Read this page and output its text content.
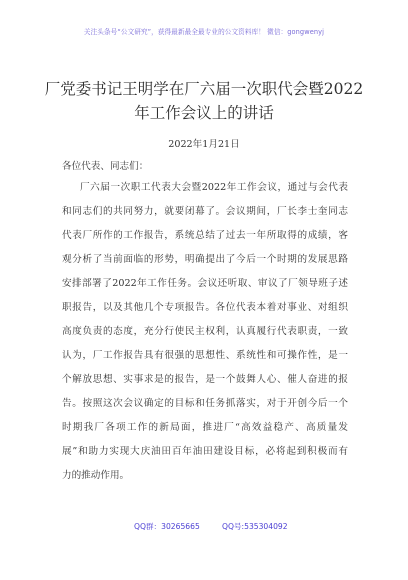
关注头条号“公文研究”，获得最新最全最专业的公文资料库！ 微信：gongwenyj
厂党委书记王明学在厂六届一次职代会暨2022
年工作会议上的讲话
2022年1月21日
各位代表、同志们：
厂六届一次职工代表大会暨2022年工作会议，通过与会代表
和同志们的共同努力，就要闭幕了。会议期间，厂长李士奎同志
代表厂所作的工作报告，系统总结了过去一年所取得的成绩，客
观分析了当前面临的形势，明确提出了今后一个时期的发展思路
安排部署了2022年工作任务。会议还听取、审议了厂领导班子述
职报告，以及其他几个专项报告。各位代表本着对事业、对组织
高度负责的态度，充分行使民主权利，认真履行代表职责，一致
认为，厂工作报告具有很强的思想性、系统性和可操作性，是一
个解放思想、实事求是的报告，是一个鼓舞人心、催人奋进的报
告。按照这次会议确定的目标和任务抓落实，对于开创今后一个
时期我厂各项工作的新局面，推进厂“高效益稳产、高质量发
展”和助力实现大庆油田百年油田建设目标，必将起到积极而有
力的推动作用。
QQ群：30265665	QQ号:535304092
